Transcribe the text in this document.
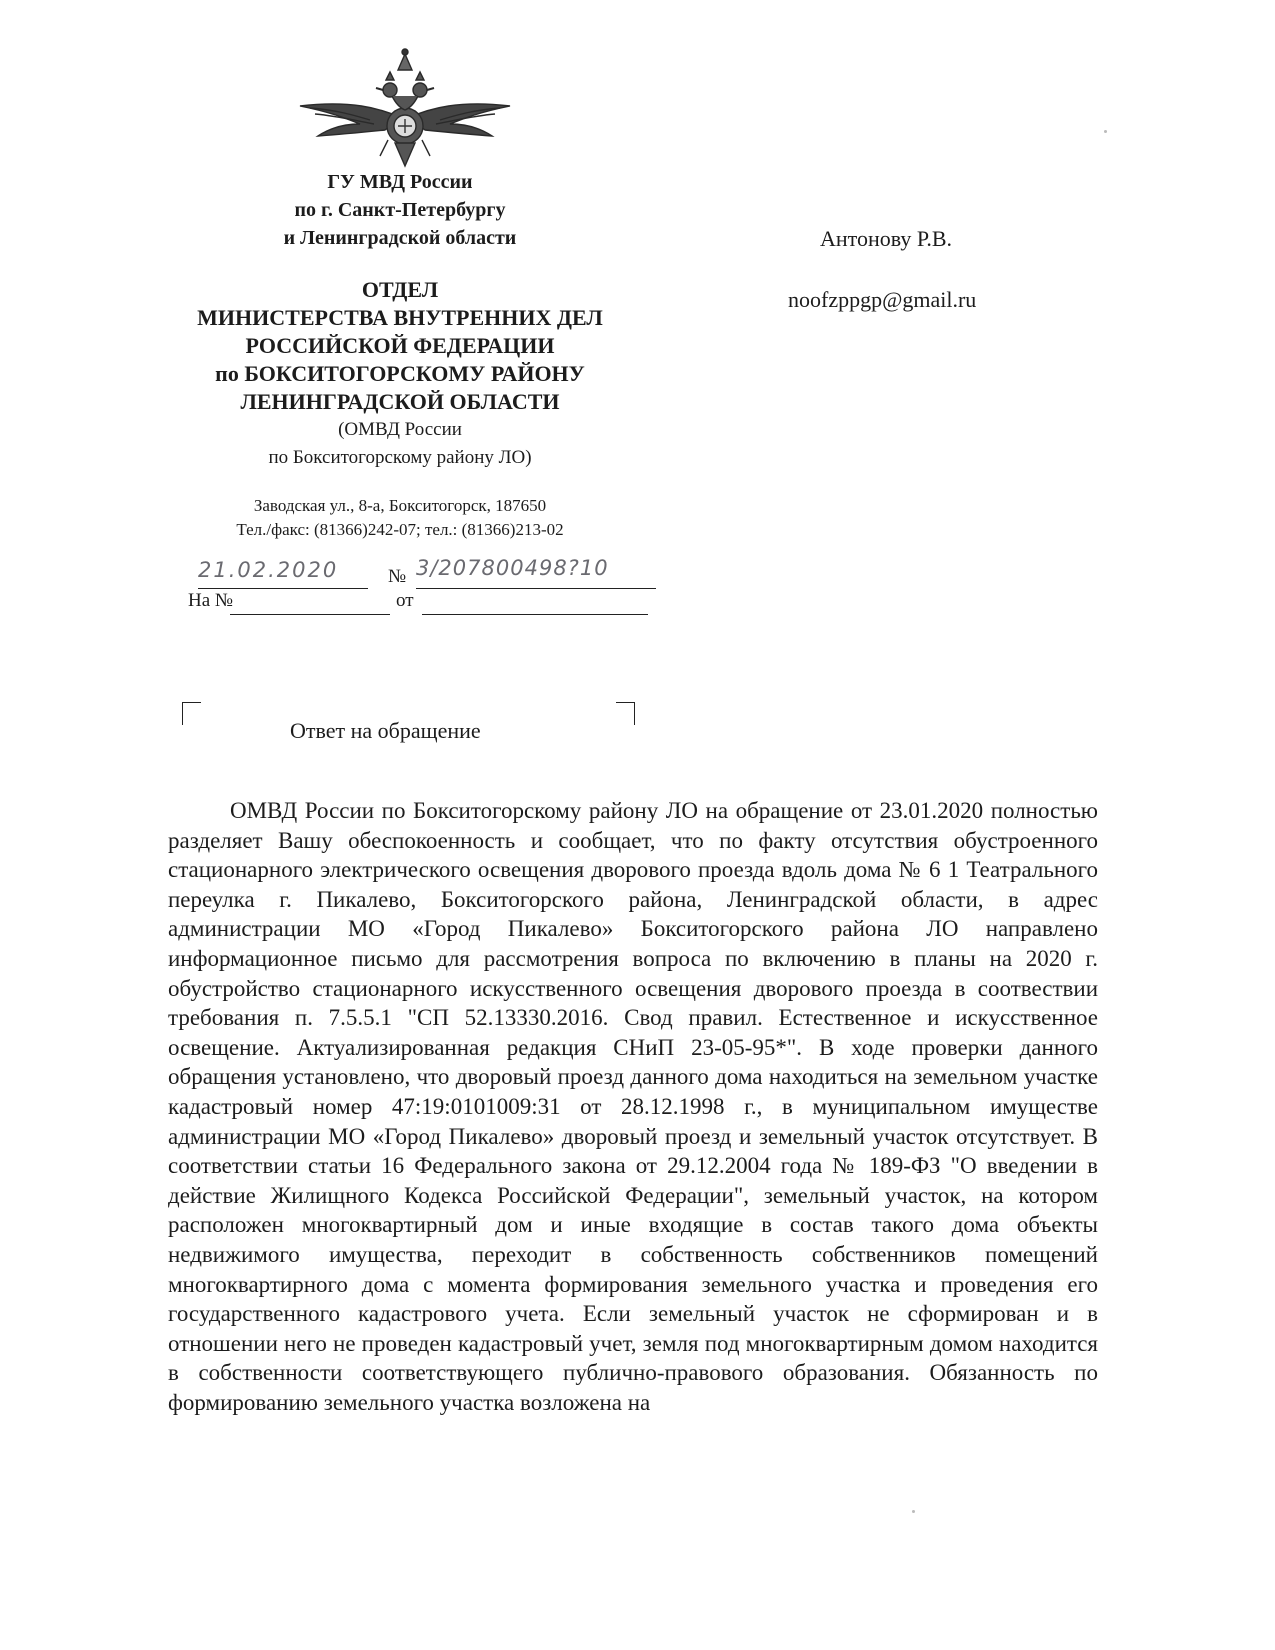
ГУ МВД России
по г. Санкт-Петербургу
и Ленинградской области
ОТДЕЛ
МИНИСТЕРСТВА ВНУТРЕННИХ ДЕЛ
РОССИЙСКОЙ ФЕДЕРАЦИИ
по БОКСИТОГОРСКОМУ РАЙОНУ
ЛЕНИНГРАДСКОЙ ОБЛАСТИ
(ОМВД России
по Бокситогорскому району ЛО)
Заводская ул., 8-а, Бокситогорск, 187650
Тел./факс: (81366)242-07; тел.: (81366)213-02
21.02.2020	№ 3/207800498?10
На №	от
Антонову Р.В.
noofzppgp@gmail.ru
Ответ на обращение

ОМВД России по Бокситогорскому району ЛО на обращение от 23.01.2020 полностью разделяет Вашу обеспокоенность и сообщает, что по факту отсутствия обустроенного стационарного электрического освещения дворового проезда вдоль дома № 6 1 Театрального переулка г. Пикалево, Бокситогорского района, Ленинградской области, в адрес администрации МО «Город Пикалево» Бокситогорского района ЛО направлено информационное письмо для рассмотрения вопроса по включению в планы на 2020 г. обустройство стационарного искусственного освещения дворового проезда в соотвествии требования п. 7.5.5.1 "СП 52.13330.2016. Свод правил. Естественное и искусственное освещение. Актуализированная редакция СНиП 23-05-95*". В ходе проверки данного обращения установлено, что дворовый проезд данного дома находиться на земельном участке кадастровый номер 47:19:0101009:31 от 28.12.1998 г., в муниципальном имуществе администрации МО «Город Пикалево» дворовый проезд и земельный участок отсутствует. В соответствии статьи 16 Федерального закона от 29.12.2004 года № 189-ФЗ "О введении в действие Жилищного Кодекса Российской Федерации", земельный участок, на котором расположен многоквартирный дом и иные входящие в состав такого дома объекты недвижимого имущества, переходит в собственность собственников помещений многоквартирного дома с момента формирования земельного участка и проведения его государственного кадастрового учета. Если земельный участок не сформирован и в отношении него не проведен кадастровый учет, земля под многоквартирным домом находится в собственности соответствующего публично-правового образования. Обязанность по формированию земельного участка возложена на
